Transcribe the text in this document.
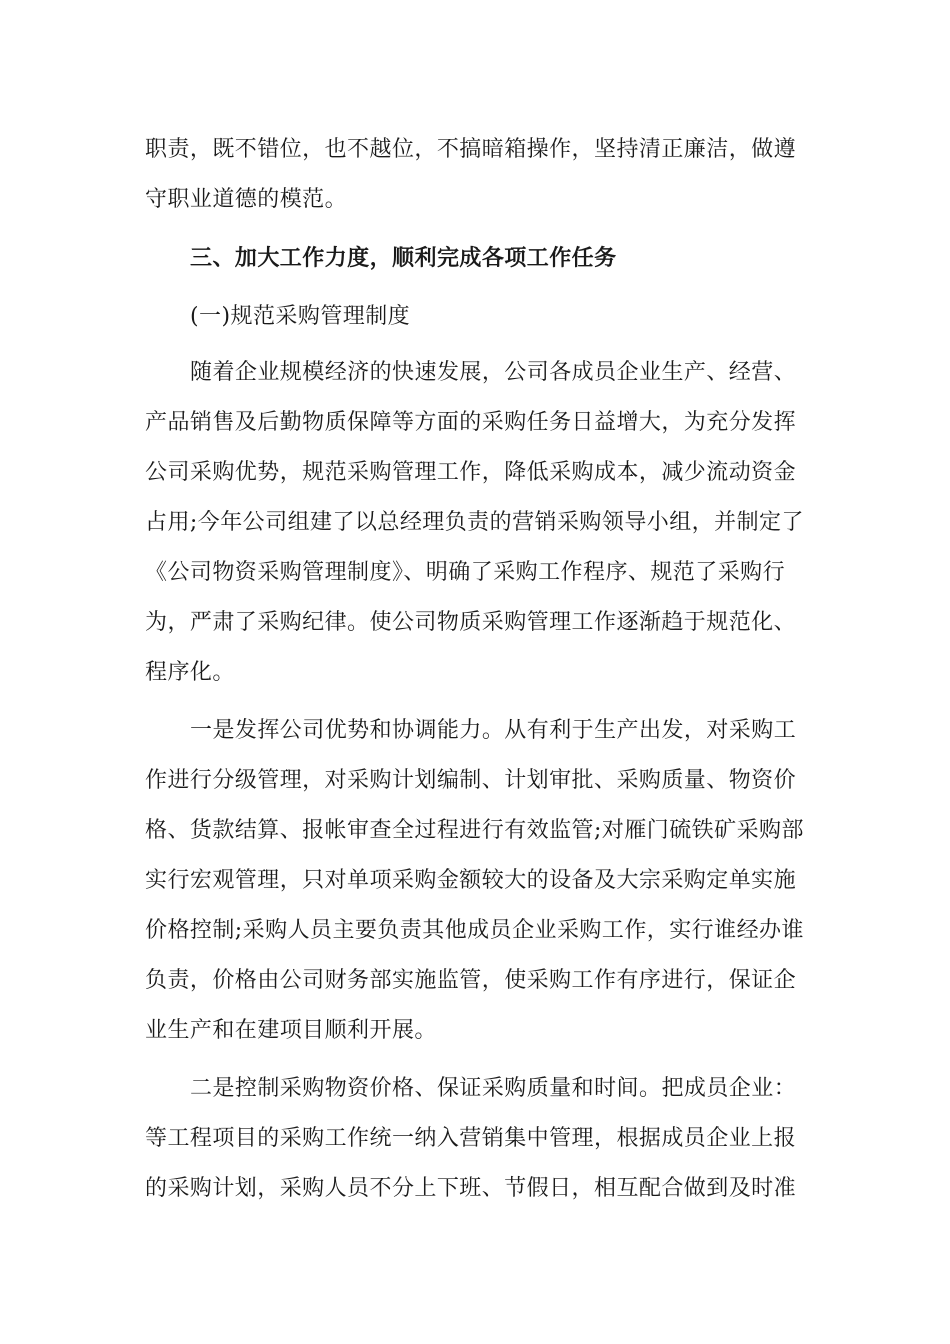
职责，既不错位，也不越位，不搞暗箱操作，坚持清正廉洁，做遵
守职业道德的模范。
三、加大工作力度，顺利完成各项工作任务
(一)规范采购管理制度
随着企业规模经济的快速发展，公司各成员企业生产、经营、
产品销售及后勤物质保障等方面的采购任务日益增大，为充分发挥
公司采购优势，规范采购管理工作，降低采购成本，减少流动资金
占用;今年公司组建了以总经理负责的营销采购领导小组，并制定了
《公司物资采购管理制度》、明确了采购工作程序、规范了采购行
为，严肃了采购纪律。使公司物质采购管理工作逐渐趋于规范化、
程序化。
一是发挥公司优势和协调能力。从有利于生产出发，对采购工
作进行分级管理，对采购计划编制、计划审批、采购质量、物资价
格、货款结算、报帐审查全过程进行有效监管;对雁门硫铁矿采购部
实行宏观管理，只对单项采购金额较大的设备及大宗采购定单实施
价格控制;采购人员主要负责其他成员企业采购工作，实行谁经办谁
负责，价格由公司财务部实施监管，使采购工作有序进行，保证企
业生产和在建项目顺利开展。
二是控制采购物资价格、保证采购质量和时间。把成员企业：
等工程项目的采购工作统一纳入营销集中管理，根据成员企业上报
的采购计划，采购人员不分上下班、节假日，相互配合做到及时准
